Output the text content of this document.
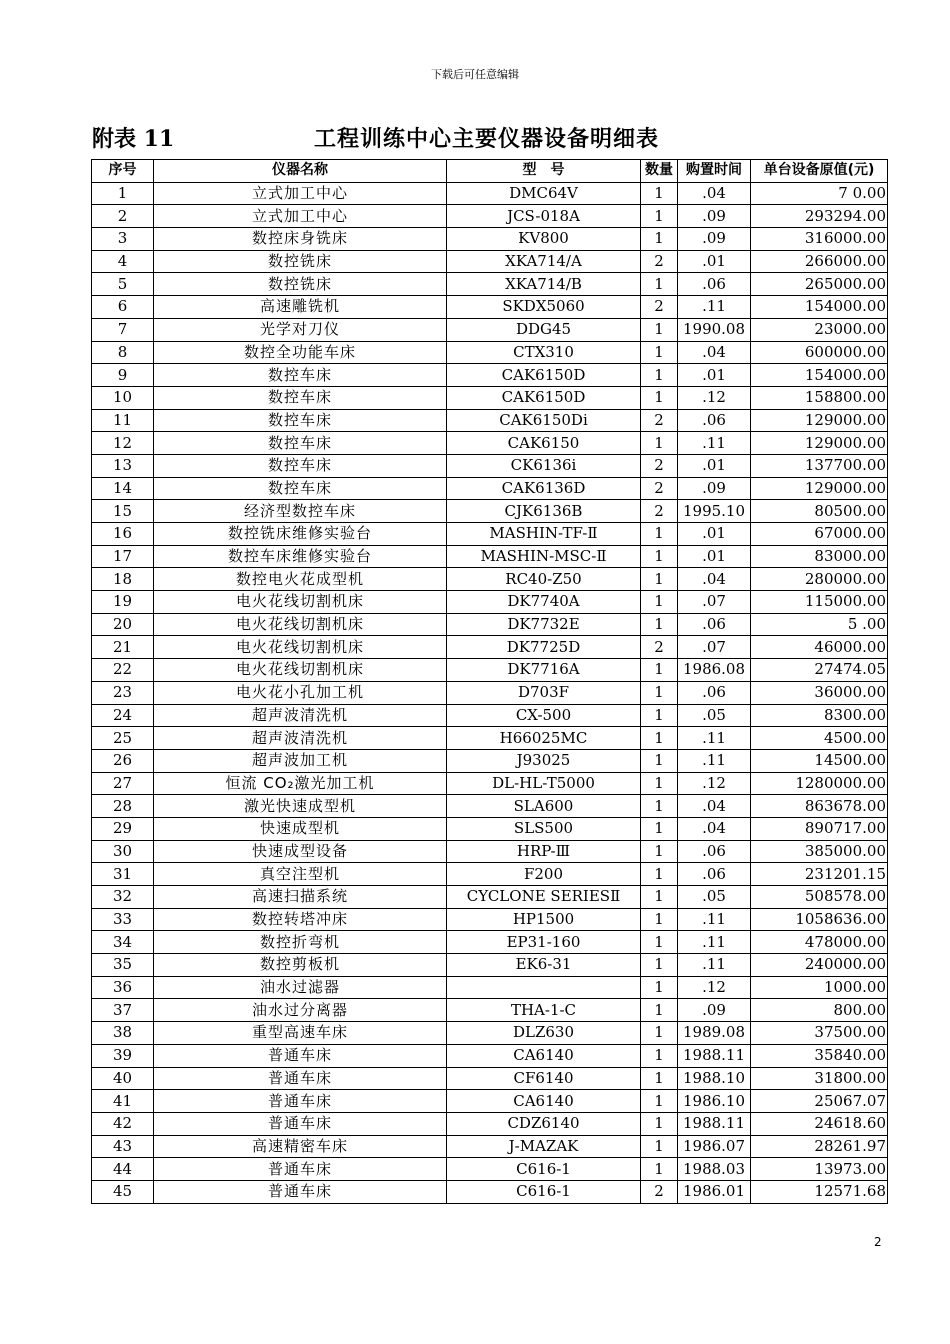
下载后可任意编辑
附表 11	工程训练中心主要仪器设备明细表
序号	仪器名称	型　号	数量	购置时间	单台设备原值(元)
1	立式加工中心	DMC64V	1	.04	7 0.00
2	立式加工中心	JCS-018A	1	.09	293294.00
3	数控床身铣床	KV800	1	.09	316000.00
4	数控铣床	XKA714/A	2	.01	266000.00
5	数控铣床	XKA714/B	1	.06	265000.00
6	高速雕铣机	SKDX5060	2	.11	154000.00
7	光学对刀仪	DDG45	1	1990.08	23000.00
8	数控全功能车床	CTX310	1	.04	600000.00
9	数控车床	CAK6150D	1	.01	154000.00
10	数控车床	CAK6150D	1	.12	158800.00
11	数控车床	CAK6150Di	2	.06	129000.00
12	数控车床	CAK6150	1	.11	129000.00
13	数控车床	CK6136i	2	.01	137700.00
14	数控车床	CAK6136D	2	.09	129000.00
15	经济型数控车床	CJK6136B	2	1995.10	80500.00
16	数控铣床维修实验台	MASHIN-TF-Ⅱ	1	.01	67000.00
17	数控车床维修实验台	MASHIN-MSC-Ⅱ	1	.01	83000.00
18	数控电火花成型机	RC40-Z50	1	.04	280000.00
19	电火花线切割机床	DK7740A	1	.07	115000.00
20	电火花线切割机床	DK7732E	1	.06	5 .00
21	电火花线切割机床	DK7725D	2	.07	46000.00
22	电火花线切割机床	DK7716A	1	1986.08	27474.05
23	电火花小孔加工机	D703F	1	.06	36000.00
24	超声波清洗机	CX-500	1	.05	8300.00
25	超声波清洗机	H66025MC	1	.11	4500.00
26	超声波加工机	J93025	1	.11	14500.00
27	恒流 CO₂激光加工机	DL-HL-T5000	1	.12	1280000.00
28	激光快速成型机	SLA600	1	.04	863678.00
29	快速成型机	SLS500	1	.04	890717.00
30	快速成型设备	HRP-Ⅲ	1	.06	385000.00
31	真空注型机	F200	1	.06	231201.15
32	高速扫描系统	CYCLONE SERIESⅡ	1	.05	508578.00
33	数控转塔冲床	HP1500	1	.11	1058636.00
34	数控折弯机	EP31-160	1	.11	478000.00
35	数控剪板机	EK6-31	1	.11	240000.00
36	油水过滤器		1	.12	1000.00
37	油水过分离器	THA-1-C	1	.09	800.00
38	重型高速车床	DLZ630	1	1989.08	37500.00
39	普通车床	CA6140	1	1988.11	35840.00
40	普通车床	CF6140	1	1988.10	31800.00
41	普通车床	CA6140	1	1986.10	25067.07
42	普通车床	CDZ6140	1	1988.11	24618.60
43	高速精密车床	J-MAZAK	1	1986.07	28261.97
44	普通车床	C616-1	1	1988.03	13973.00
45	普通车床	C616-1	2	1986.01	12571.68
2
